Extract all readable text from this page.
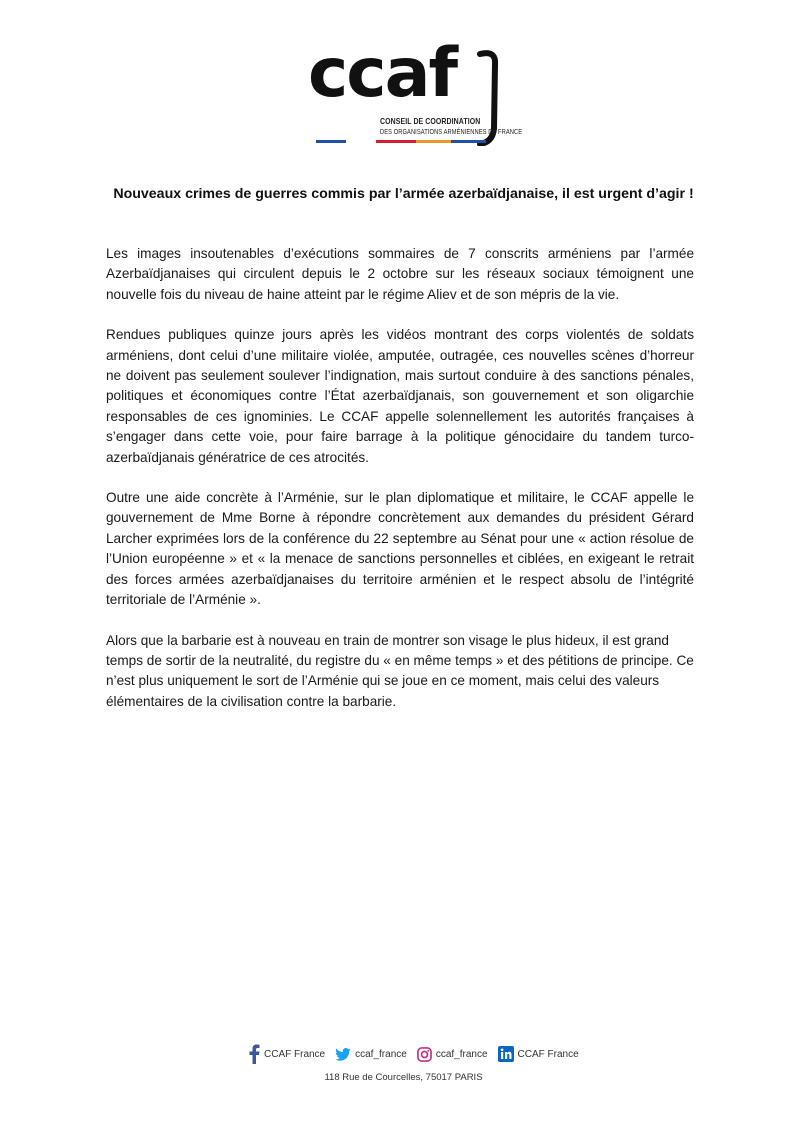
ccaf
CONSEIL DE COORDINATION
DES ORGANISATIONS ARMÉNIENNES DE FRANCE
Nouveaux crimes de guerres commis par l’armée azerbaïdjanaise, il est urgent d’agir !

Les images insoutenables d’exécutions sommaires de 7 conscrits arméniens par l’armée Azerbaïdjanaises qui circulent depuis le 2 octobre sur les réseaux sociaux témoignent une nouvelle fois du niveau de haine atteint par le régime Aliev et de son mépris de la vie.

Rendues publiques quinze jours après les vidéos montrant des corps violentés de soldats arméniens, dont celui d’une militaire violée, amputée, outragée, ces nouvelles scènes d’horreur ne doivent pas seulement soulever l’indignation, mais surtout conduire à des sanctions pénales, politiques et économiques contre l’État azerbaïdjanais, son gouvernement et son oligarchie responsables de ces ignominies. Le CCAF appelle solennellement les autorités françaises à s’engager dans cette voie, pour faire barrage à la politique génocidaire du tandem turco-azerbaïdjanais génératrice de ces atrocités.

Outre une aide concrète à l’Arménie, sur le plan diplomatique et militaire, le CCAF appelle le gouvernement de Mme Borne à répondre concrètement aux demandes du président Gérard Larcher exprimées lors de la conférence du 22 septembre au Sénat pour une « action résolue de l’Union européenne » et « la menace de sanctions personnelles et ciblées, en exigeant le retrait des forces armées azerbaïdjanaises du territoire arménien et le respect absolu de l’intégrité territoriale de l’Arménie ».

Alors que la barbarie est à nouveau en train de montrer son visage le plus hideux, il est grand temps de sortir de la neutralité, du registre du « en même temps » et des pétitions de principe. Ce n’est plus uniquement le sort de l’Arménie qui se joue en ce moment, mais celui des valeurs élémentaires de la civilisation contre la barbarie.

CCAF France	ccaf_france	ccaf_france	CCAF France
118 Rue de Courcelles, 75017 PARIS
